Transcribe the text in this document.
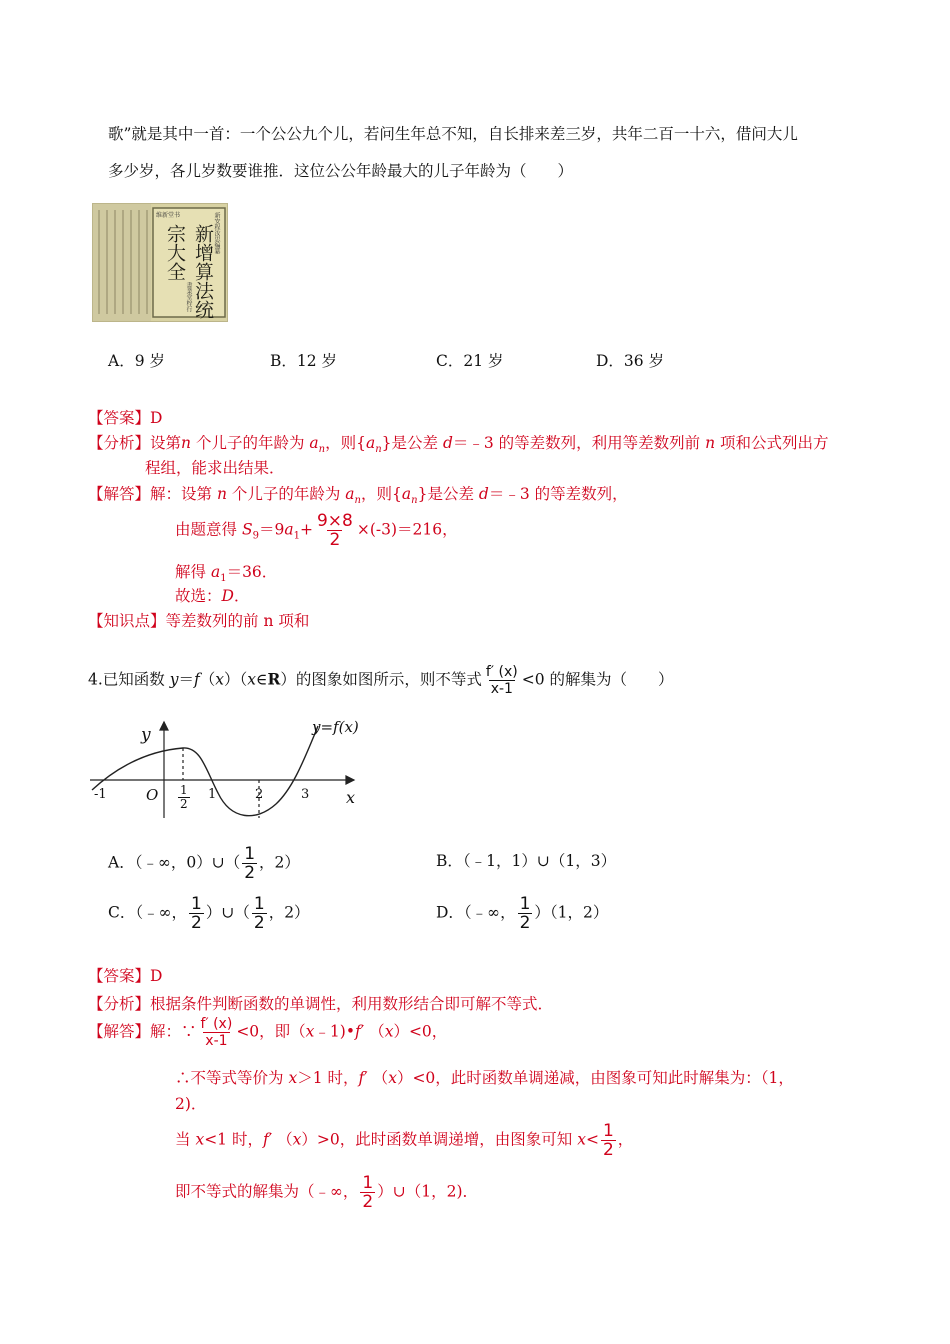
歌”就是其中一首：一个公公九个儿，若问生年总不知，自长排来差三岁，共年二百一十六，借问大儿
多少岁，各儿岁数要谁推．这位公公年龄最大的儿子年龄为（　　）
新增算法统
宗大全	新安程汝思编纂
维新堂书
書業堂梓行
A．9 岁	B．12 岁	C．21 岁	D．36 岁
【答案】D
【分析】设第n 个儿子的年龄为 $a_n$，则$\{a_n\}$是公差 d＝﹣3 的等差数列，利用等差数列前 n 项和公式列出方
程组，能求出结果．
【解答】解：设第 n 个儿子的年龄为 $a_n$，则$\{a_n\}$是公差 d＝﹣3 的等差数列，
由题意得 $S_9=9a_1+ \frac{9\times 8}{2} \times(-3)=216$，
解得 $a_1=36$．
故选：D．
【知识点】等差数列的前 n 项和
4.已知函数 y＝f（x）（x∈R）的图象如图所示，则不等式 $\frac{f' (x)}{x-1} <0$ 的解集为（　　）
y
x
y=f(x)
O
-1	1	2	3
$\frac{1}{2}$
A．（﹣∞，0）∪（ $\frac{1}{2}$ ，2）	B．（﹣1，1）∪（1，3）
C．（﹣∞， $\frac{1}{2}$ ）∪（ $\frac{1}{2}$ ，2）	D．（﹣∞， $\frac{1}{2} )(1$，2）
【答案】D
【分析】根据条件判断函数的单调性，利用数形结合即可解不等式．
【解答】解：∵ $\frac{f' (x)}{x-1} <0$，即（x﹣1)•f′ （x）<0，
∴不等式等价为 x＞1 时，f′ （x）<0，此时函数单调递减，由图象可知此时解集为：（1，
2)．
当 x<1 时，f′ （x）>0，此时函数单调递增，由图象可知 $x< \frac{1}{2}$ ，
即不等式的解集为（﹣∞， $\frac{1}{2}$ ）∪（1，2)．
